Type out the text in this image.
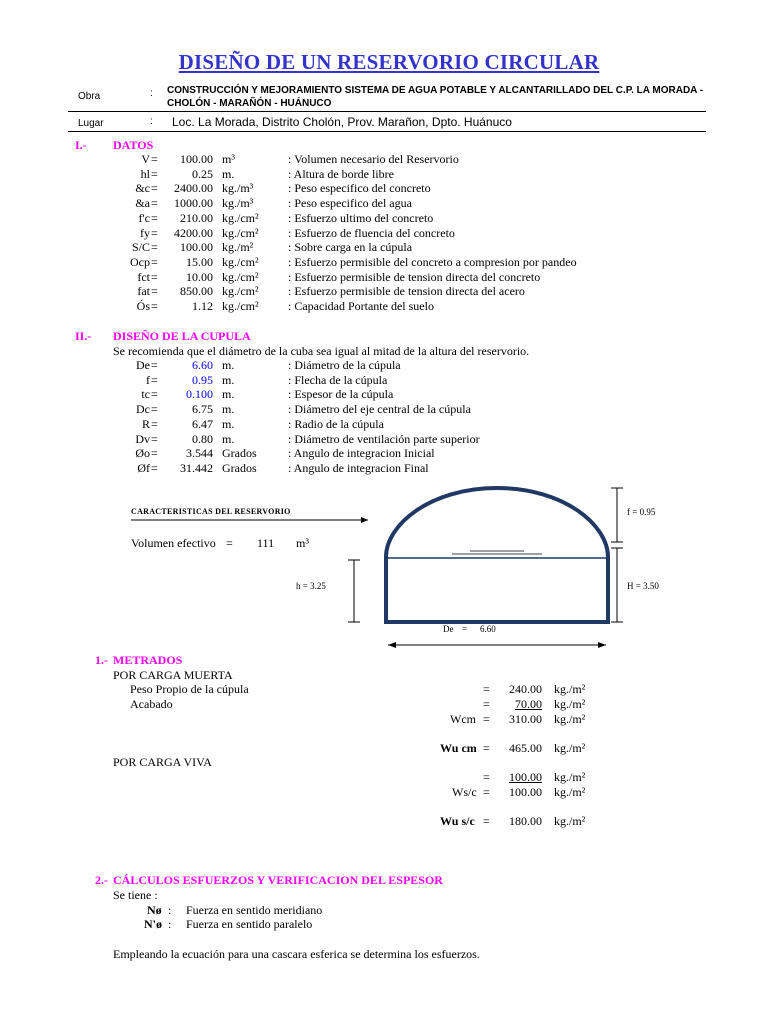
DISEÑO DE UN RESERVORIO CIRCULAR
Obra	: CONSTRUCCIÓN Y MEJORAMIENTO SISTEMA DE AGUA POTABLE Y ALCANTARILLADO DEL C.P. LA MORADA - CHOLÓN - MARAÑÓN - HUÁNUCO
Lugar	: Loc. La Morada, Distrito Cholón, Prov. Marañon, Dpto. Huánuco
I.- DATOS
V =	100.00 m³	: Volumen necesario del Reservorio
hl =	0.25 m.	: Altura de borde libre
&c =	2400.00 kg./m³	: Peso especifico del concreto
&a =	1000.00 kg./m³	: Peso especifico del agua
f'c =	210.00 kg./cm²	: Esfuerzo ultimo del concreto
fy =	4200.00 kg./cm²	: Esfuerzo de fluencia del concreto
S/C =	100.00 kg./m²	: Sobre carga en la cúpula
Ocp =	15.00 kg./cm²	: Esfuerzo permisible del concreto a compresion por pandeo
fct =	10.00 kg./cm²	: Esfuerzo permisible de tension directa del concreto
fat =	850.00 kg./cm²	: Esfuerzo permisible de tension directa del acero
Ós =	1.12 kg./cm²	: Capacidad Portante del suelo
II.- DISEÑO DE LA CUPULA
Se recomienda que el diámetro de la cuba sea igual al mitad de la altura del reservorio.
De =	6.60 m.	: Diámetro de la cúpula
f =	0.95 m.	: Flecha de la cúpula
tc =	0.100 m.	: Espesor de la cúpula
Dc =	6.75 m.	: Diámetro del eje central de la cúpula
R =	6.47 m.	: Radio de la cúpula
Dv =	0.80 m.	: Diámetro de ventilación parte superior
Øo =	3.544 Grados	: Angulo de integracion Inicial
Øf =	31.442 Grados	: Angulo de integracion Final
CARACTERISTICAS DEL RESERVORIO
Volumen efectivo = 111 m³
h = 3.25
f = 0.95
H = 3.50
De = 6.60
1.- METRADOS
POR CARGA MUERTA
Peso Propio de la cúpula	=	240.00 kg./m²
Acabado	=	70.00 kg./m²
Wcm =	310.00 kg./m²
Wu cm =	465.00 kg./m²
POR CARGA VIVA
=	100.00 kg./m²
Ws/c =	100.00 kg./m²
Wu s/c =	180.00 kg./m²
2.- CÁLCULOS ESFUERZOS Y VERIFICACION DEL ESPESOR
Se tiene :
Nø : Fuerza en sentido meridiano
N'ø : Fuerza en sentido paralelo
Empleando la ecuación para una cascara esferica se determina los esfuerzos.
